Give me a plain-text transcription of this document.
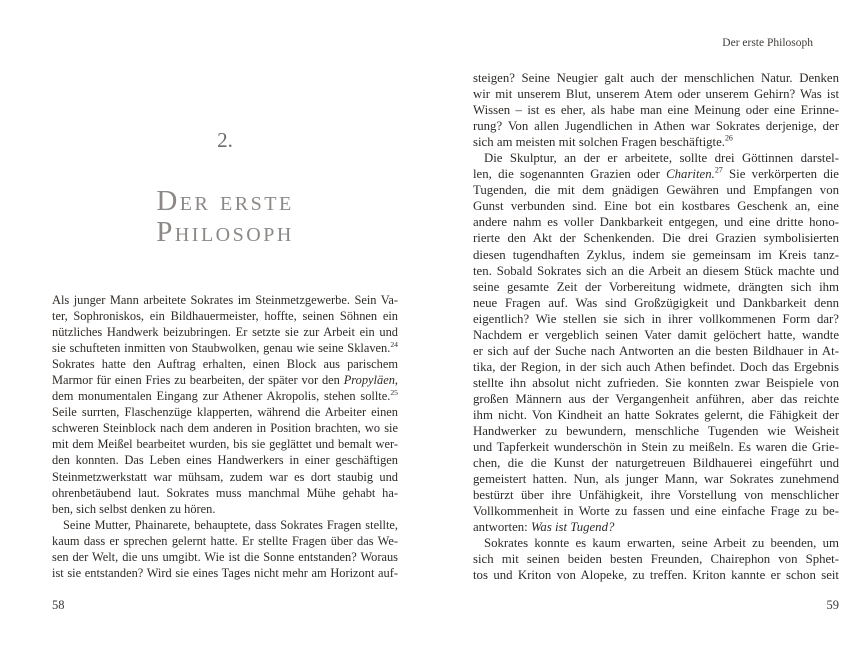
2.
Der erste
Philosoph
Als junger Mann arbeitete Sokrates im Steinmetzgewerbe. Sein Va-
ter, Sophroniskos, ein Bildhauermeister, hoffte, seinen Söhnen ein
nützliches Handwerk beizubringen. Er setzte sie zur Arbeit ein und
sie schufteten inmitten von Staubwolken, genau wie seine Sklaven.$^{24}$
Sokrates hatte den Auftrag erhalten, einen Block aus parischem
Marmor für einen Fries zu bearbeiten, der später vor den Propyläen,
dem monumentalen Eingang zur Athener Akropolis, stehen sollte.$^{25}$
Seile surrten, Flaschenzüge klapperten, während die Arbeiter einen
schweren Steinblock nach dem anderen in Position brachten, wo sie
mit dem Meißel bearbeitet wurden, bis sie geglättet und bemalt wer-
den konnten. Das Leben eines Handwerkers in einer geschäftigen
Steinmetzwerkstatt war mühsam, zudem war es dort staubig und
ohrenbetäubend laut. Sokrates muss manchmal Mühe gehabt ha-
ben, sich selbst denken zu hören.
Seine Mutter, Phainarete, behauptete, dass Sokrates Fragen stellte,
kaum dass er sprechen gelernt hatte. Er stellte Fragen über das We-
sen der Welt, die uns umgibt. Wie ist die Sonne entstanden? Woraus
ist sie entstanden? Wird sie eines Tages nicht mehr am Horizont auf-
58
Der erste Philosoph
steigen? Seine Neugier galt auch der menschlichen Natur. Denken
wir mit unserem Blut, unserem Atem oder unserem Gehirn? Was ist
Wissen – ist es eher, als habe man eine Meinung oder eine Erinne-
rung? Von allen Jugendlichen in Athen war Sokrates derjenige, der
sich am meisten mit solchen Fragen beschäftigte.$^{26}$
Die Skulptur, an der er arbeitete, sollte drei Göttinnen darstel-
len, die sogenannten Grazien oder Chariten.$^{27}$ Sie verkörperten die
Tugenden, die mit dem gnädigen Gewähren und Empfangen von
Gunst verbunden sind. Eine bot ein kostbares Geschenk an, eine
andere nahm es voller Dankbarkeit entgegen, und eine dritte hono-
rierte den Akt der Schenkenden. Die drei Grazien symbolisierten
diesen tugendhaften Zyklus, indem sie gemeinsam im Kreis tanz-
ten. Sobald Sokrates sich an die Arbeit an diesem Stück machte und
seine gesamte Zeit der Vorbereitung widmete, drängten sich ihm
neue Fragen auf. Was sind Großzügigkeit und Dankbarkeit denn
eigentlich? Wie stellen sie sich in ihrer vollkommenen Form dar?
Nachdem er vergeblich seinen Vater damit gelöchert hatte, wandte
er sich auf der Suche nach Antworten an die besten Bildhauer in At-
tika, der Region, in der sich auch Athen befindet. Doch das Ergebnis
stellte ihn absolut nicht zufrieden. Sie konnten zwar Beispiele von
großen Männern aus der Vergangenheit anführen, aber das reichte
ihm nicht. Von Kindheit an hatte Sokrates gelernt, die Fähigkeit der
Handwerker zu bewundern, menschliche Tugenden wie Weisheit
und Tapferkeit wunderschön in Stein zu meißeln. Es waren die Grie-
chen, die die Kunst der naturgetreuen Bildhauerei eingeführt und
gemeistert hatten. Nun, als junger Mann, war Sokrates zunehmend
bestürzt über ihre Unfähigkeit, ihre Vorstellung von menschlicher
Vollkommenheit in Worte zu fassen und eine einfache Frage zu be-
antworten: Was ist Tugend?
Sokrates konnte es kaum erwarten, seine Arbeit zu beenden, um
sich mit seinen beiden besten Freunden, Chairephon von Sphet-
tos und Kriton von Alopeke, zu treffen. Kriton kannte er schon seit
59
